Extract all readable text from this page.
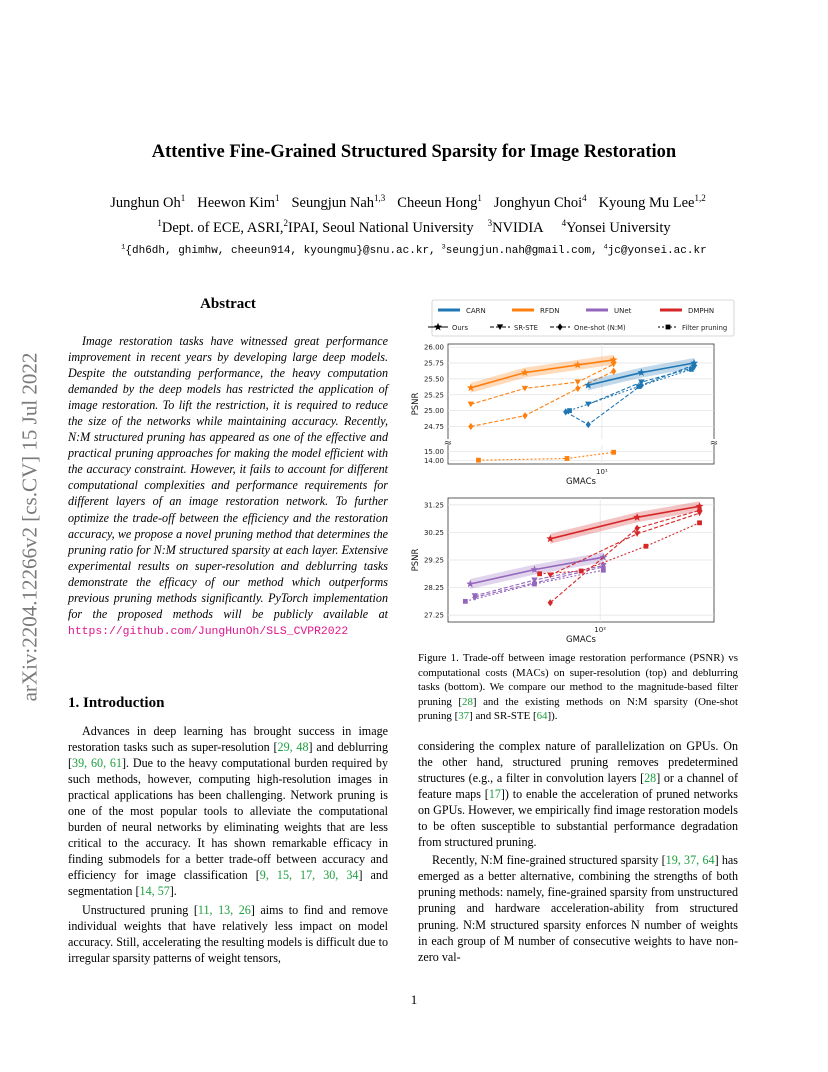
Attentive Fine-Grained Structured Sparsity for Image Restoration
Junghun Oh$^1$ Heewon Kim$^1$ Seungjun Nah$^{1,3}$ Cheeun Hong$^1$ Jonghyun Choi$^4$ Kyoung Mu Lee$^{1,2}$
$^1$Dept. of ECE, ASRI,$^2$IPAI, Seoul National University $^3$NVIDIA $^4$Yonsei University
$^1${dh6dh, ghimhw, cheeun914, kyoungmu}@snu.ac.kr, $^3$seungjun.nah@gmail.com, $^4$jc@yonsei.ac.kr
arXiv:2204.12266v2 [cs.CV] 15 Jul 2022
Abstract
Image restoration tasks have witnessed great performance improvement in recent years by developing large deep models. Despite the outstanding performance, the heavy computation demanded by the deep models has restricted the application of image restoration. To lift the restriction, it is required to reduce the size of the networks while maintaining accuracy. Recently, N:M structured pruning has appeared as one of the effective and practical pruning approaches for making the model efficient with the accuracy constraint. However, it fails to account for different computational complexities and performance requirements for different layers of an image restoration network. To further optimize the trade-off between the efficiency and the restoration accuracy, we propose a novel pruning method that determines the pruning ratio for N:M structured sparsity at each layer. Extensive experimental results on super-resolution and deblurring tasks demonstrate the efficacy of our method which outperforms previous pruning methods significantly. PyTorch implementation for the proposed methods will be publicly available at https://github.com/JungHunOh/SLS_CVPR2022
1. Introduction

Advances in deep learning has brought success in image restoration tasks such as super-resolution [29, 48] and deblurring [39, 60, 61]. Due to the heavy computational burden required by such methods, however, computing high-resolution images in practical applications has been challenging. Network pruning is one of the most popular tools to alleviate the computational burden of neural networks by eliminating weights that are less critical to the accuracy. It has shown remarkable efficacy in finding submodels for a better trade-off between accuracy and efficiency for image classification [9, 15, 17, 30, 34] and segmentation [14, 57].

Unstructured pruning [11, 13, 26] aims to find and remove individual weights that have relatively less impact on model accuracy. Still, accelerating the resulting models is difficult due to irregular sparsity patterns of weight tensors,

CARN	RFDN	UNet	DMPHN
Ours	SR-STE	One-shot (N:M)	Filter pruning
26.00
25.75
25.50
25.25
25.00
24.75
15.00
14.00
10¹
GMACs
PSNR
≈	≈
31.25
30.25
29.25
28.25
27.25
10²
GMACs
PSNR
Figure 1. Trade-off between image restoration performance (PSNR) vs computational costs (MACs) on super-resolution (top) and deblurring tasks (bottom). We compare our method to the magnitude-based filter pruning [28] and the existing methods on N:M sparsity (One-shot pruning [37] and SR-STE [64]).

considering the complex nature of parallelization on GPUs. On the other hand, structured pruning removes predetermined structures (e.g., a filter in convolution layers [28] or a channel of feature maps [17]) to enable the acceleration of pruned networks on GPUs. However, we empirically find image restoration models to be often susceptible to substantial performance degradation from structured pruning.

Recently, N:M fine-grained structured sparsity [19, 37, 64] has emerged as a better alternative, combining the strengths of both pruning methods: namely, fine-grained sparsity from unstructured pruning and hardware acceleration-ability from structured pruning. N:M structured sparsity enforces N number of weights in each group of M number of consecutive weights to have non-zero val-

1
